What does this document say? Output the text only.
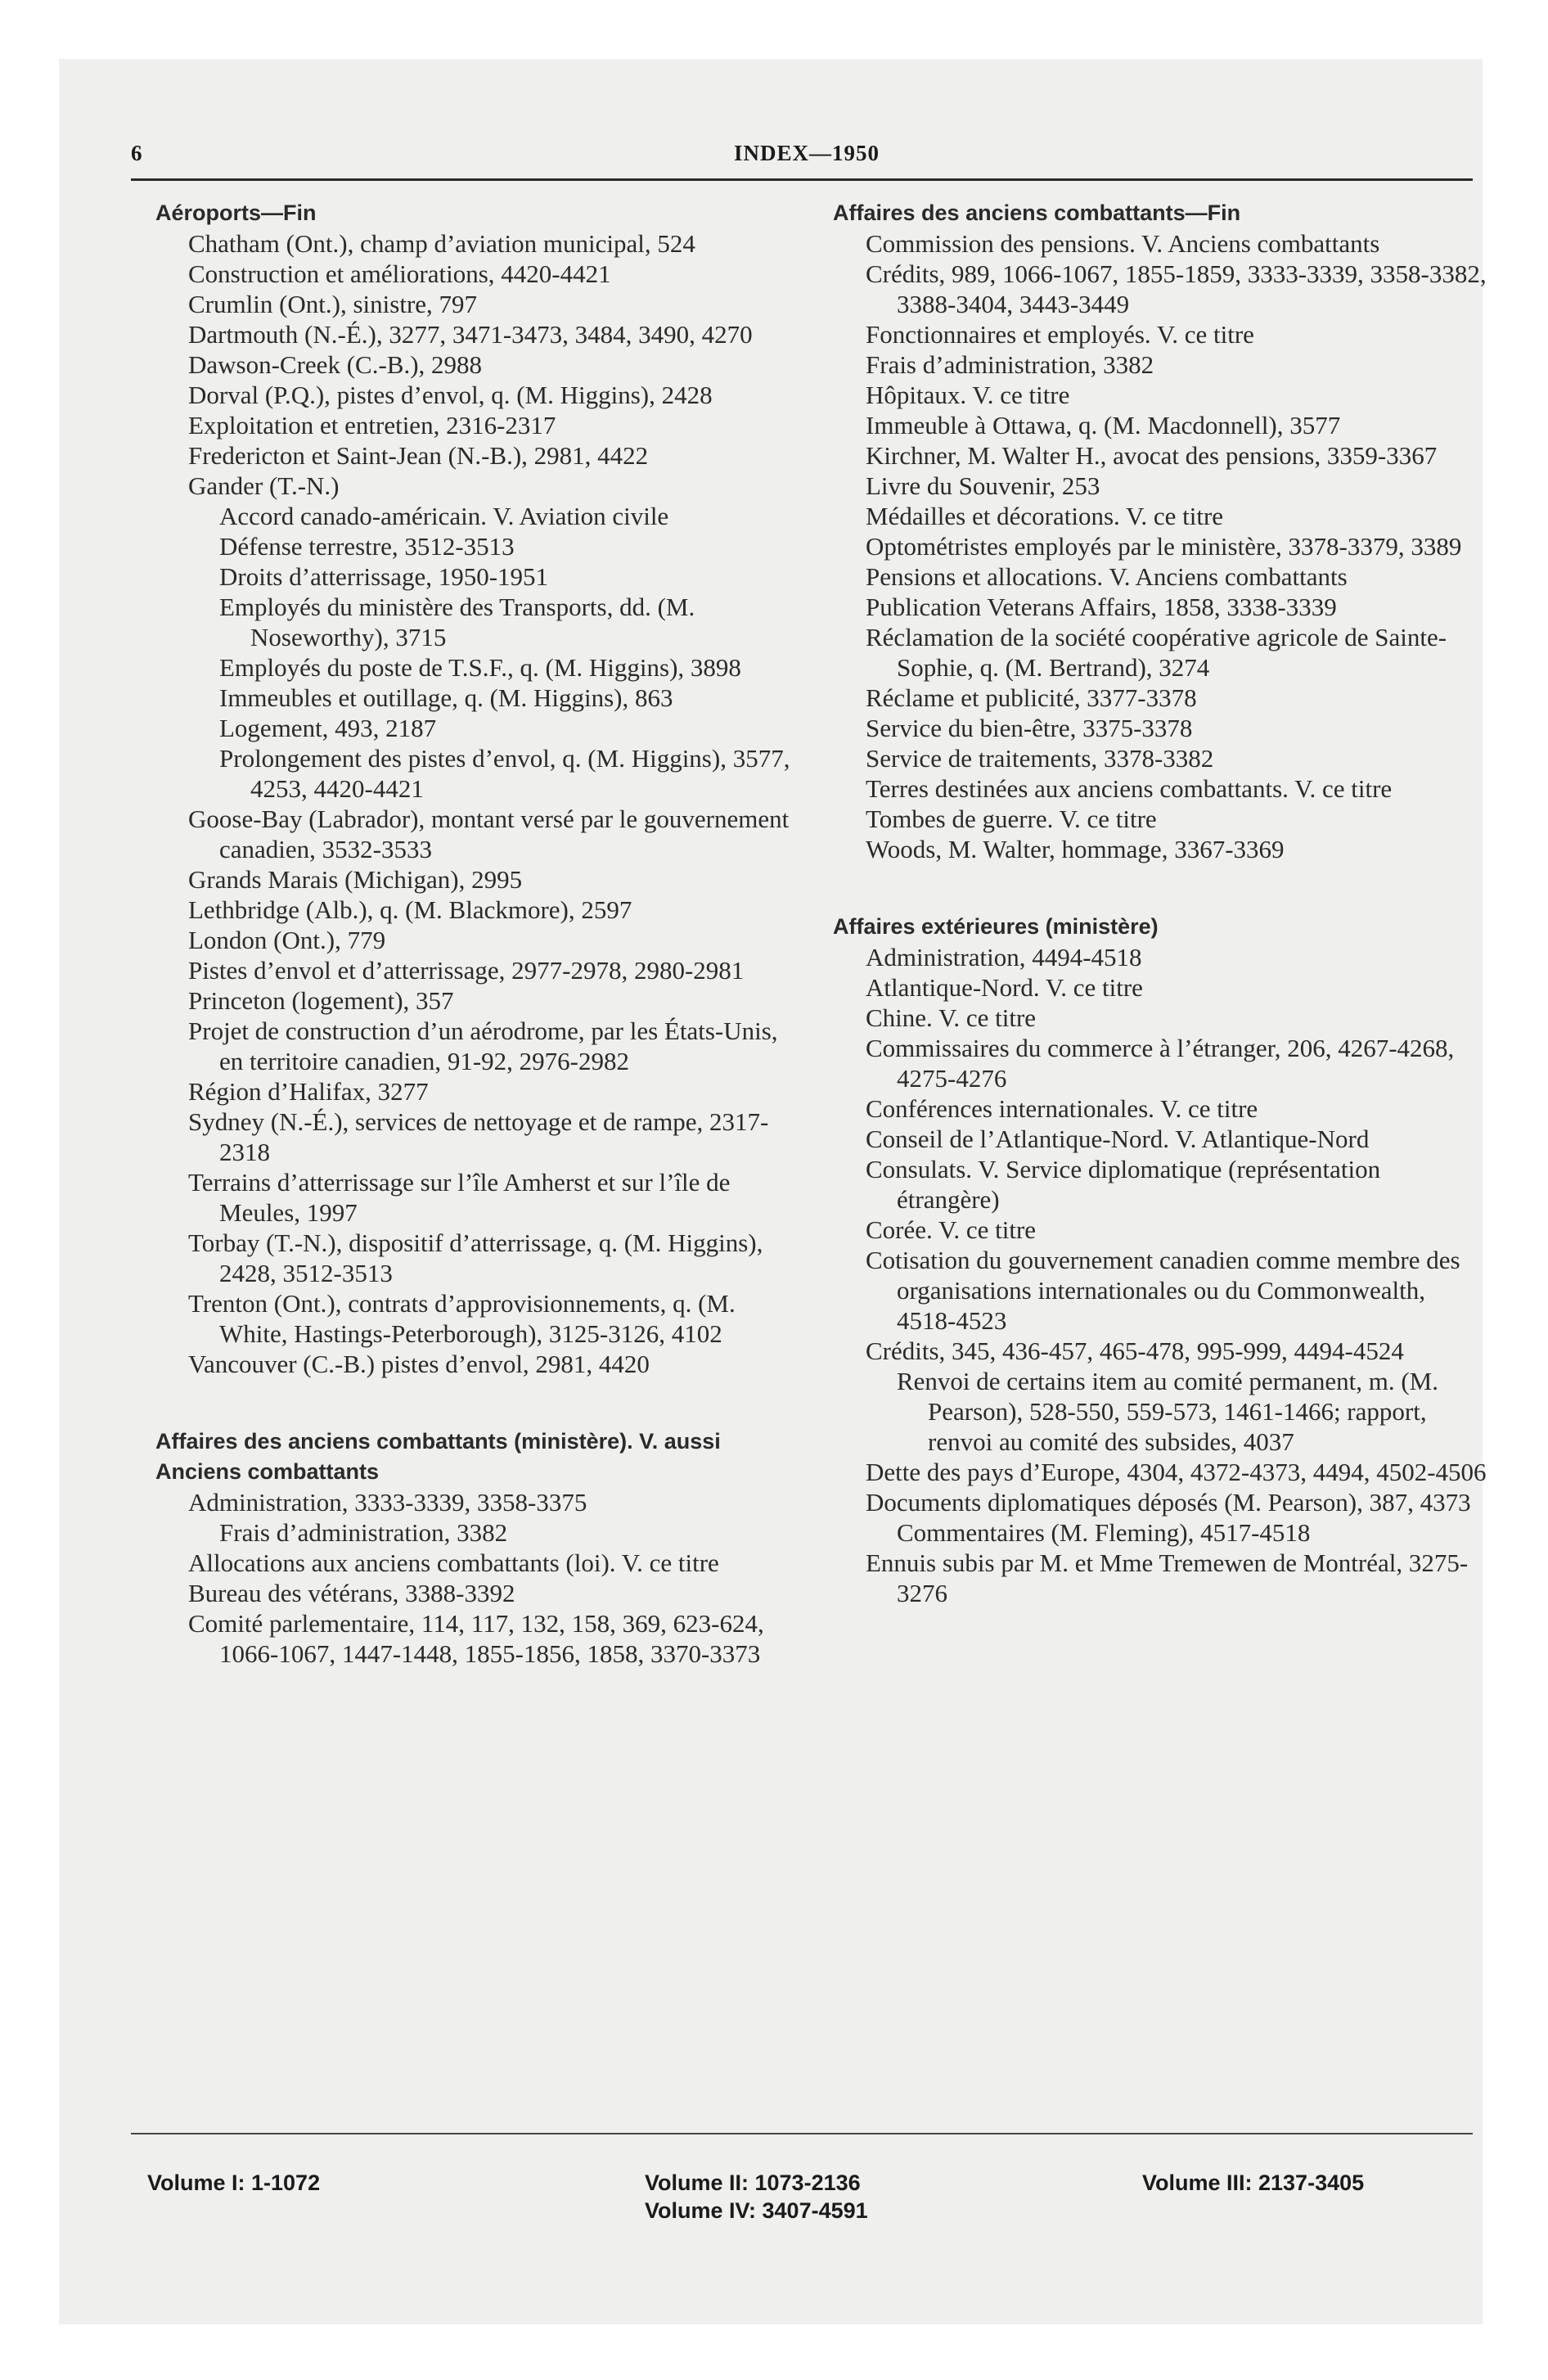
6	INDEX—1950
Aéroports—Fin
Chatham (Ont.), champ d’aviation municipal, 524
Construction et améliorations, 4420-4421
Crumlin (Ont.), sinistre, 797
Dartmouth (N.-É.), 3277, 3471-3473, 3484, 3490, 4270
Dawson-Creek (C.-B.), 2988
Dorval (P.Q.), pistes d’envol, q. (M. Higgins), 2428
Exploitation et entretien, 2316-2317
Fredericton et Saint-Jean (N.-B.), 2981, 4422
Gander (T.-N.)
Accord canado-américain. V. Aviation civile
Défense terrestre, 3512-3513
Droits d’atterrissage, 1950-1951
Employés du ministère des Transports, dd. (M. Noseworthy), 3715
Employés du poste de T.S.F., q. (M. Higgins), 3898
Immeubles et outillage, q. (M. Higgins), 863
Logement, 493, 2187
Prolongement des pistes d’envol, q. (M. Higgins), 3577, 4253, 4420-4421
Goose-Bay (Labrador), montant versé par le gouvernement canadien, 3532-3533
Grands Marais (Michigan), 2995
Lethbridge (Alb.), q. (M. Blackmore), 2597
London (Ont.), 779
Pistes d’envol et d’atterrissage, 2977-2978, 2980-2981
Princeton (logement), 357
Projet de construction d’un aérodrome, par les États-Unis, en territoire canadien, 91-92, 2976-2982
Région d’Halifax, 3277
Sydney (N.-É.), services de nettoyage et de rampe, 2317-2318
Terrains d’atterrissage sur l’île Amherst et sur l’île de Meules, 1997
Torbay (T.-N.), dispositif d’atterrissage, q. (M. Higgins), 2428, 3512-3513
Trenton (Ont.), contrats d’approvisionnements, q. (M. White, Hastings-Peterborough), 3125-3126, 4102
Vancouver (C.-B.) pistes d’envol, 2981, 4420
Affaires des anciens combattants (ministère). V. aussi Anciens combattants
Administration, 3333-3339, 3358-3375
Frais d’administration, 3382
Allocations aux anciens combattants (loi). V. ce titre
Bureau des vétérans, 3388-3392
Comité parlementaire, 114, 117, 132, 158, 369, 623-624, 1066-1067, 1447-1448, 1855-1856, 1858, 3370-3373
Affaires des anciens combattants—Fin
Commission des pensions. V. Anciens combattants
Crédits, 989, 1066-1067, 1855-1859, 3333-3339, 3358-3382, 3388-3404, 3443-3449
Fonctionnaires et employés. V. ce titre
Frais d’administration, 3382
Hôpitaux. V. ce titre
Immeuble à Ottawa, q. (M. Macdonnell), 3577
Kirchner, M. Walter H., avocat des pensions, 3359-3367
Livre du Souvenir, 253
Médailles et décorations. V. ce titre
Optométristes employés par le ministère, 3378-3379, 3389
Pensions et allocations. V. Anciens combattants
Publication Veterans Affairs, 1858, 3338-3339
Réclamation de la société coopérative agricole de Sainte-Sophie, q. (M. Bertrand), 3274
Réclame et publicité, 3377-3378
Service du bien-être, 3375-3378
Service de traitements, 3378-3382
Terres destinées aux anciens combattants. V. ce titre
Tombes de guerre. V. ce titre
Woods, M. Walter, hommage, 3367-3369
Affaires extérieures (ministère)
Administration, 4494-4518
Atlantique-Nord. V. ce titre
Chine. V. ce titre
Commissaires du commerce à l’étranger, 206, 4267-4268, 4275-4276
Conférences internationales. V. ce titre
Conseil de l’Atlantique-Nord. V. Atlantique-Nord
Consulats. V. Service diplomatique (représentation étrangère)
Corée. V. ce titre
Cotisation du gouvernement canadien comme membre des organisations internationales ou du Commonwealth, 4518-4523
Crédits, 345, 436-457, 465-478, 995-999, 4494-4524
Renvoi de certains item au comité permanent, m. (M. Pearson), 528-550, 559-573, 1461-1466; rapport, renvoi au comité des subsides, 4037
Dette des pays d’Europe, 4304, 4372-4373, 4494, 4502-4506
Documents diplomatiques déposés (M. Pearson), 387, 4373
Commentaires (M. Fleming), 4517-4518
Ennuis subis par M. et Mme Tremewen de Montréal, 3275-3276
Volume I: 1-1072	Volume II: 1073-2136	Volume III: 2137-3405
Volume IV: 3407-4591
